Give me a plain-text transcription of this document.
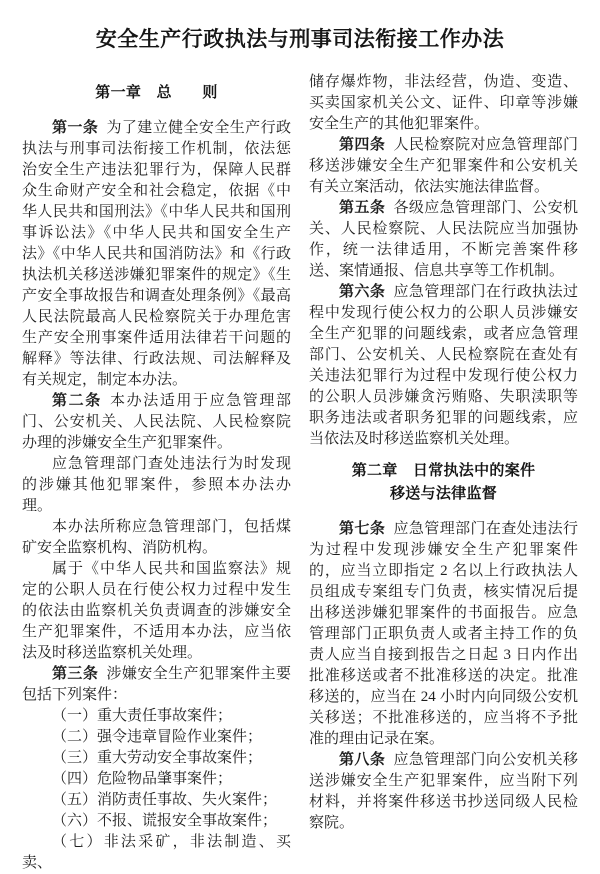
安全生产行政执法与刑事司法衔接工作办法
第一章　总　　则

第一条 为了建立健全安全生产行政执法与刑事司法衔接工作机制，依法惩治安全生产违法犯罪行为，保障人民群众生命财产安全和社会稳定，依据《中华人民共和国刑法》《中华人民共和国刑事诉讼法》《中华人民共和国安全生产法》《中华人民共和国消防法》和《行政执法机关移送涉嫌犯罪案件的规定》《生产安全事故报告和调查处理条例》《最高人民法院最高人民检察院关于办理危害生产安全刑事案件适用法律若干问题的解释》等法律、行政法规、司法解释及有关规定，制定本办法。

第二条 本办法适用于应急管理部门、公安机关、人民法院、人民检察院办理的涉嫌安全生产犯罪案件。

应急管理部门查处违法行为时发现的涉嫌其他犯罪案件，参照本办法办理。

本办法所称应急管理部门，包括煤矿安全监察机构、消防机构。

属于《中华人民共和国监察法》规定的公职人员在行使公权力过程中发生的依法由监察机关负责调查的涉嫌安全生产犯罪案件，不适用本办法，应当依法及时移送监察机关处理。

第三条 涉嫌安全生产犯罪案件主要包括下列案件：

（一）重大责任事故案件；

（二）强令违章冒险作业案件；

（三）重大劳动安全事故案件；

（四）危险物品肇事案件；

（五）消防责任事故、失火案件；

（六）不报、谎报安全事故案件；

（七）非法采矿，非法制造、买卖、

储存爆炸物，非法经营，伪造、变造、买卖国家机关公文、证件、印章等涉嫌安全生产的其他犯罪案件。

第四条 人民检察院对应急管理部门移送涉嫌安全生产犯罪案件和公安机关有关立案活动，依法实施法律监督。

第五条 各级应急管理部门、公安机关、人民检察院、人民法院应当加强协作，统一法律适用，不断完善案件移送、案情通报、信息共享等工作机制。

第六条 应急管理部门在行政执法过程中发现行使公权力的公职人员涉嫌安全生产犯罪的问题线索，或者应急管理部门、公安机关、人民检察院在查处有关违法犯罪行为过程中发现行使公权力的公职人员涉嫌贪污贿赂、失职渎职等职务违法或者职务犯罪的问题线索，应当依法及时移送监察机关处理。

第二章　日常执法中的案件
移送与法律监督

第七条 应急管理部门在查处违法行为过程中发现涉嫌安全生产犯罪案件的，应当立即指定 2 名以上行政执法人员组成专案组专门负责，核实情况后提出移送涉嫌犯罪案件的书面报告。应急管理部门正职负责人或者主持工作的负责人应当自接到报告之日起 3 日内作出批准移送或者不批准移送的决定。批准移送的，应当在 24 小时内向同级公安机关移送；不批准移送的，应当将不予批准的理由记录在案。

第八条 应急管理部门向公安机关移送涉嫌安全生产犯罪案件，应当附下列材料，并将案件移送书抄送同级人民检察院。
